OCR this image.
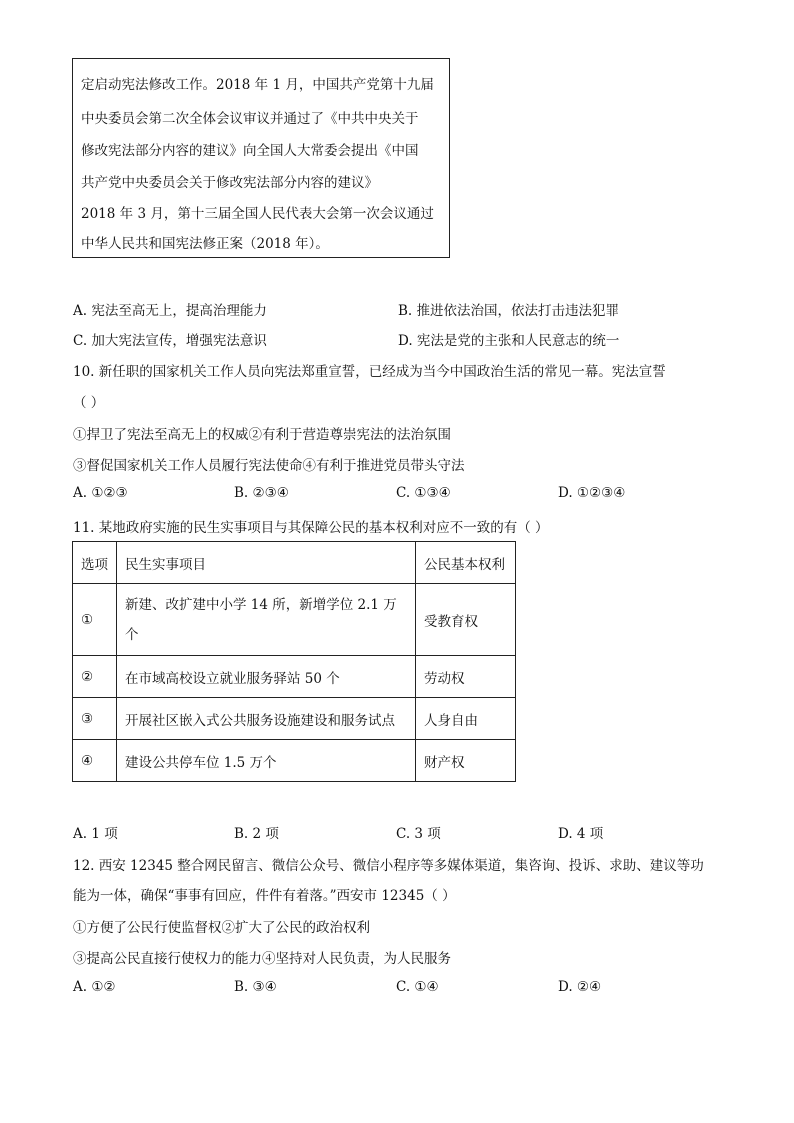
定启动宪法修改工作。2018 年 1 月，中国共产党第十九届
中央委员会第二次全体会议审议并通过了《中共中央关于
修改宪法部分内容的建议》向全国人大常委会提出《中国
共产党中央委员会关于修改宪法部分内容的建议》
2018 年 3 月，第十三届全国人民代表大会第一次会议通过
中华人民共和国宪法修正案（2018 年）。
A. 宪法至高无上，提高治理能力	B. 推进依法治国，依法打击违法犯罪
C. 加大宪法宣传，增强宪法意识	D. 宪法是党的主张和人民意志的统一
10. 新任职的国家机关工作人员向宪法郑重宣誓，已经成为当今中国政治生活的常见一幕。宪法宣誓
（ ）
①捍卫了宪法至高无上的权威②有利于营造尊崇宪法的法治氛围
③督促国家机关工作人员履行宪法使命④有利于推进党员带头守法
A. ①②③	B. ②③④	C. ①③④	D. ①②③④
11. 某地政府实施的民生实事项目与其保障公民的基本权利对应不一致的有（ ）
选项	民生实事项目	公民基本权利
①	新建、改扩建中小学 14 所，新增学位 2.1 万
个	受教育权
②	在市域高校设立就业服务驿站 50 个	劳动权
③	开展社区嵌入式公共服务设施建设和服务试点	人身自由
④	建设公共停车位 1.5 万个	财产权
A. 1 项	B. 2 项	C. 3 项	D. 4 项
12. 西安 12345 整合网民留言、微信公众号、微信小程序等多媒体渠道，集咨询、投诉、求助、建议等功
能为一体，确保“事事有回应，件件有着落。”西安市 12345（ ）
①方便了公民行使监督权②扩大了公民的政治权利
③提高公民直接行使权力的能力④坚持对人民负责，为人民服务
A. ①②	B. ③④	C. ①④	D. ②④
